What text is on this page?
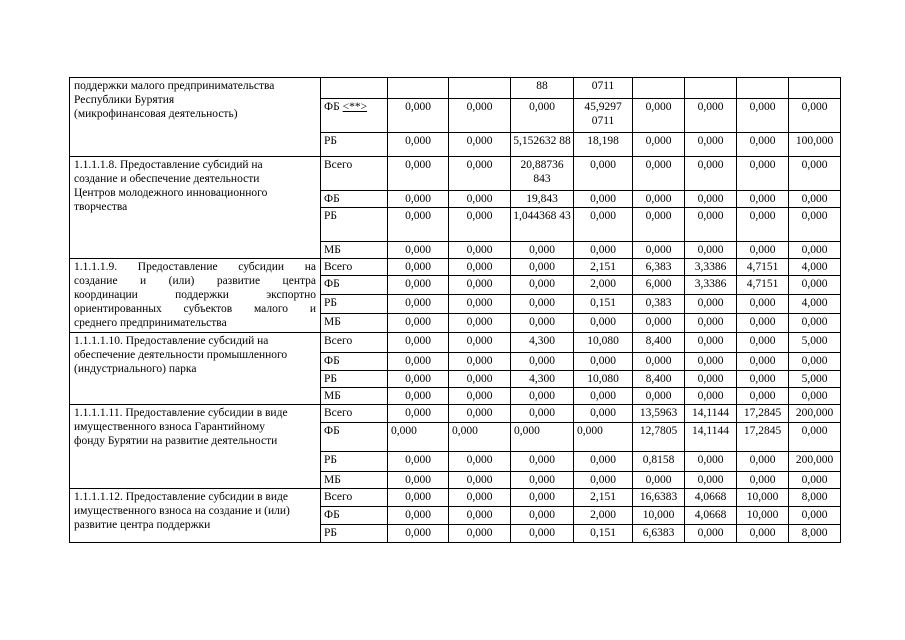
поддержки малого предпринимательства
Республики Бурятия
(микрофинансовая деятельность)				88	0711				
	ФБ <**>	0,000	0,000	0,000	45,9297 0711	0,000	0,000	0,000	0,000
	РБ	0,000	0,000	5,152632 88	18,198	0,000	0,000	0,000	100,000

1.1.1.1.8. Предоставление субсидий на
создание и обеспечение деятельности
Центров молодежного инновационного
творчества	Всего	0,000	0,000	20,88736 843	0,000	0,000	0,000	0,000	0,000
	ФБ	0,000	0,000	19,843	0,000	0,000	0,000	0,000	0,000
	РБ	0,000	0,000	1,044368 43	0,000	0,000	0,000	0,000	0,000
	МБ	0,000	0,000	0,000	0,000	0,000	0,000	0,000	0,000

1.1.1.1.9. Предоставление субсидии на
создание и (или) развитие центра
координации поддержки экспортно
ориентированных субъектов малого и
среднего предпринимательства	Всего	0,000	0,000	0,000	2,151	6,383	3,3386	4,7151	4,000
	ФБ	0,000	0,000	0,000	2,000	6,000	3,3386	4,7151	0,000
	РБ	0,000	0,000	0,000	0,151	0,383	0,000	0,000	4,000
	МБ	0,000	0,000	0,000	0,000	0,000	0,000	0,000	0,000

1.1.1.1.10. Предоставление субсидий на
обеспечение деятельности промышленного
(индустриального) парка	Всего	0,000	0,000	4,300	10,080	8,400	0,000	0,000	5,000
	ФБ	0,000	0,000	0,000	0,000	0,000	0,000	0,000	0,000
	РБ	0,000	0,000	4,300	10,080	8,400	0,000	0,000	5,000
	МБ	0,000	0,000	0,000	0,000	0,000	0,000	0,000	0,000

1.1.1.1.11. Предоставление субсидии в виде
имущественного взноса Гарантийному
фонду Бурятии на развитие деятельности	Всего	0,000	0,000	0,000	0,000	13,5963	14,1144	17,2845	200,000
	ФБ	0,000	0,000	0,000	0,000	12,7805	14,1144	17,2845	0,000
	РБ	0,000	0,000	0,000	0,000	0,8158	0,000	0,000	200,000
	МБ	0,000	0,000	0,000	0,000	0,000	0,000	0,000	0,000

1.1.1.1.12. Предоставление субсидии в виде
имущественного взноса на создание и (или)
развитие центра поддержки	Всего	0,000	0,000	0,000	2,151	16,6383	4,0668	10,000	8,000
	ФБ	0,000	0,000	0,000	2,000	10,000	4,0668	10,000	0,000
	РБ	0,000	0,000	0,000	0,151	6,6383	0,000	0,000	8,000
